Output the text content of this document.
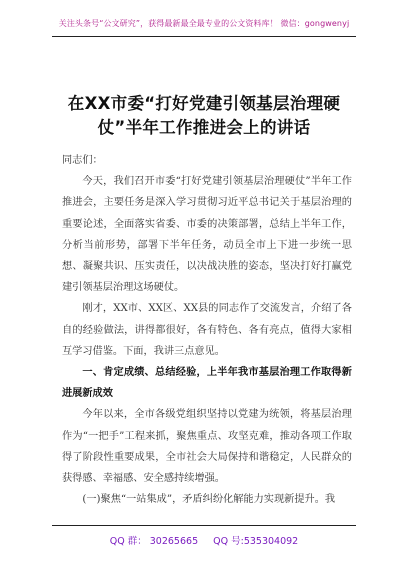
关注头条号“公文研究”，获得最新最全最专业的公文资料库！ 微信：gongwenyj
在XX市委“打好党建引领基层治理硬仗”半年工作推进会上的讲话

同志们：

今天，我们召开市委“打好党建引领基层治理硬仗”半年工作推进会，主要任务是深入学习贯彻习近平总书记关于基层治理的重要论述，全面落实省委、市委的决策部署，总结上半年工作，分析当前形势，部署下半年任务，动员全市上下进一步统一思想、凝聚共识、压实责任，以决战决胜的姿态，坚决打好打赢党建引领基层治理这场硬仗。

刚才，XX市、XX区、XX县的同志作了交流发言，介绍了各自的经验做法，讲得都很好，各有特色、各有亮点，值得大家相互学习借鉴。下面，我讲三点意见。

一、肯定成绩、总结经验，上半年我市基层治理工作取得新进展新成效

今年以来，全市各级党组织坚持以党建为统领，将基层治理作为“一把手”工程来抓，聚焦重点、攻坚克难，推动各项工作取得了阶段性重要成果，全市社会大局保持和谐稳定，人民群众的获得感、幸福感、安全感持续增强。

(一)聚焦“一站集成”，矛盾纠纷化解能力实现新提升。我

QQ 群： 30265665 QQ 号:535304092
